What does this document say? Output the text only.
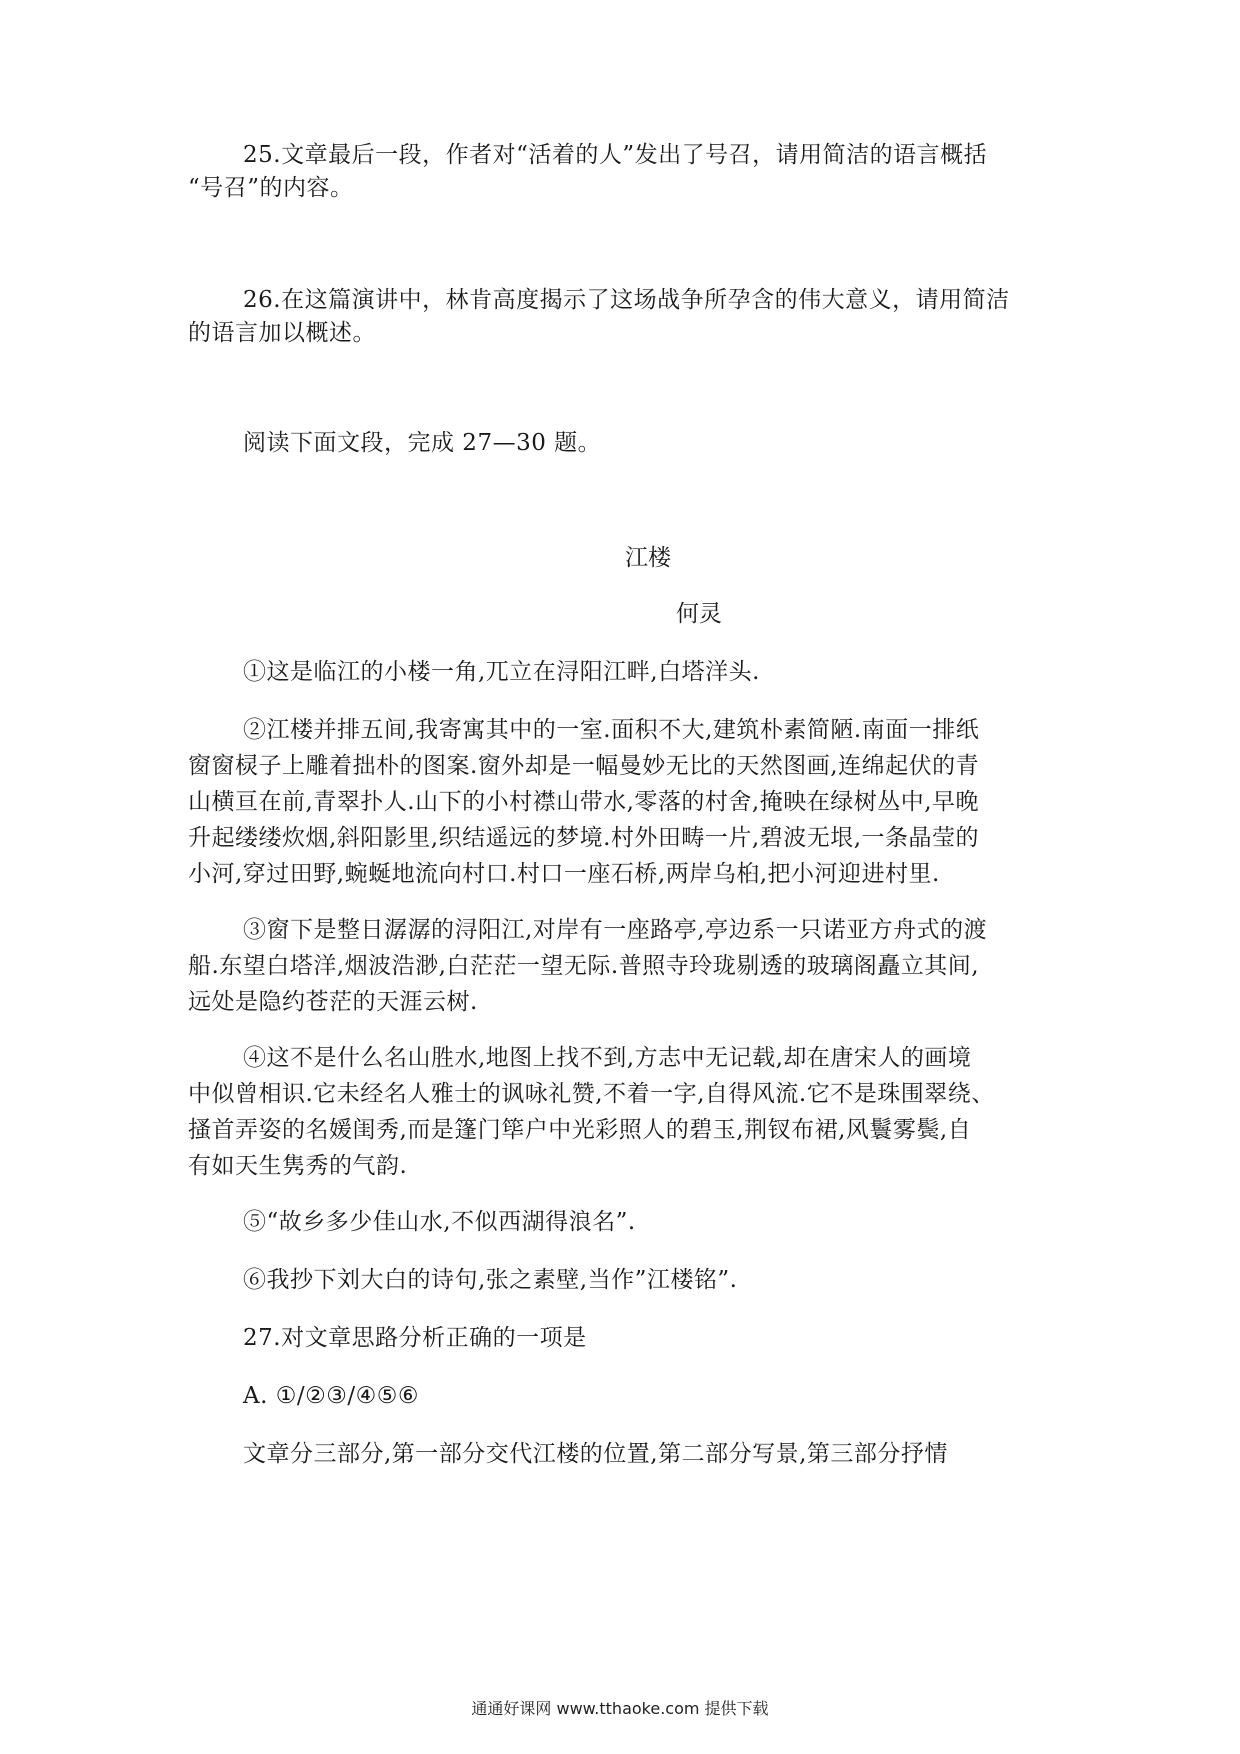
25.文章最后一段，作者对“活着的人”发出了号召，请用简洁的语言概括
“号召”的内容。
26.在这篇演讲中，林肯高度揭示了这场战争所孕含的伟大意义，请用简洁
的语言加以概述。
阅读下面文段，完成 27—30 题。
江楼
何灵
①这是临江的小楼一角,兀立在浔阳江畔,白塔洋头.
②江楼并排五间,我寄寓其中的一室.面积不大,建筑朴素简陋.南面一排纸
窗窗棂子上雕着拙朴的图案.窗外却是一幅曼妙无比的天然图画,连绵起伏的青
山横亘在前,青翠扑人.山下的小村襟山带水,零落的村舍,掩映在绿树丛中,早晚
升起缕缕炊烟,斜阳影里,织结遥远的梦境.村外田畴一片,碧波无垠,一条晶莹的
小河,穿过田野,蜿蜒地流向村口.村口一座石桥,两岸乌桕,把小河迎进村里.
③窗下是整日潺潺的浔阳江,对岸有一座路亭,亭边系一只诺亚方舟式的渡
船.东望白塔洋,烟波浩渺,白茫茫一望无际.普照寺玲珑剔透的玻璃阁矗立其间,
远处是隐约苍茫的天涯云树.
④这不是什么名山胜水,地图上找不到,方志中无记载,却在唐宋人的画境
中似曾相识.它未经名人雅士的讽咏礼赞,不着一字,自得风流.它不是珠围翠绕、
搔首弄姿的名媛闺秀,而是篷门筚户中光彩照人的碧玉,荆钗布裙,风鬟雾鬓,自
有如天生隽秀的气韵.
⑤“故乡多少佳山水,不似西湖得浪名”.
⑥我抄下刘大白的诗句,张之素壁,当作”江楼铭”.
27.对文章思路分析正确的一项是
A. ①/②③/④⑤⑥
文章分三部分,第一部分交代江楼的位置,第二部分写景,第三部分抒情
通通好课网 www.tthaoke.com 提供下载
